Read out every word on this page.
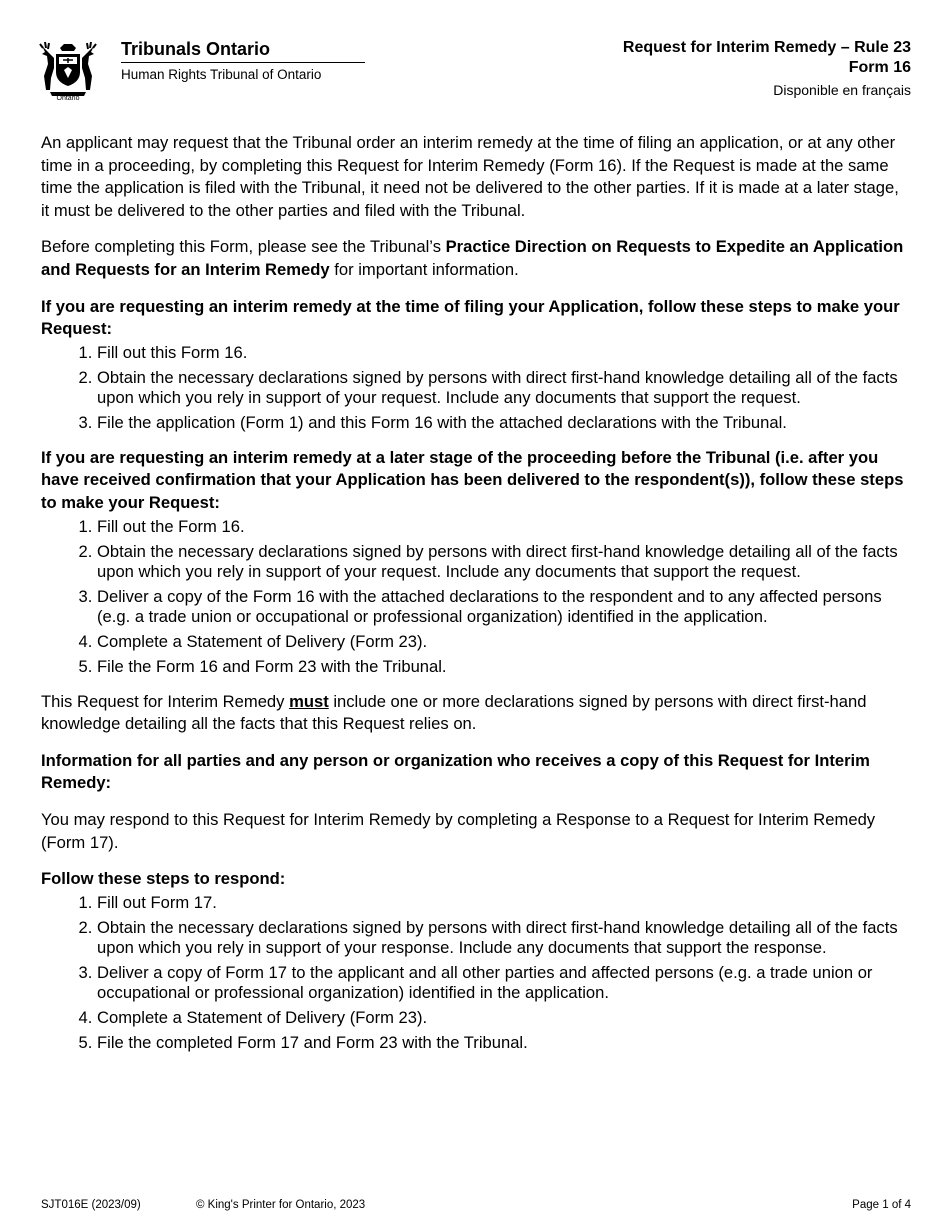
Ontario
Tribunals Ontario
Human Rights Tribunal of Ontario
Request for Interim Remedy – Rule 23
Form 16
Disponible en français

An applicant may request that the Tribunal order an interim remedy at the time of filing an application, or at any other time in a proceeding, by completing this Request for Interim Remedy (Form 16). If the Request is made at the same time the application is filed with the Tribunal, it need not be delivered to the other parties. If it is made at a later stage, it must be delivered to the other parties and filed with the Tribunal.

Before completing this Form, please see the Tribunal’s Practice Direction on Requests to Expedite an Application and Requests for an Interim Remedy for important information.

If you are requesting an interim remedy at the time of filing your Application, follow these steps to make your Request:

1. Fill out this Form 16.
2. Obtain the necessary declarations signed by persons with direct first-hand knowledge detailing all of the facts upon which you rely in support of your request. Include any documents that support the request.
3. File the application (Form 1) and this Form 16 with the attached declarations with the Tribunal.

If you are requesting an interim remedy at a later stage of the proceeding before the Tribunal (i.e. after you have received confirmation that your Application has been delivered to the respondent(s)), follow these steps to make your Request:

1. Fill out the Form 16.
2. Obtain the necessary declarations signed by persons with direct first-hand knowledge detailing all of the facts upon which you rely in support of your request. Include any documents that support the request.
3. Deliver a copy of the Form 16 with the attached declarations to the respondent and to any affected persons (e.g. a trade union or occupational or professional organization) identified in the application.
4. Complete a Statement of Delivery (Form 23).
5. File the Form 16 and Form 23 with the Tribunal.

This Request for Interim Remedy must include one or more declarations signed by persons with direct first-hand knowledge detailing all the facts that this Request relies on.

Information for all parties and any person or organization who receives a copy of this Request for Interim Remedy:

You may respond to this Request for Interim Remedy by completing a Response to a Request for Interim Remedy (Form 17).

Follow these steps to respond:

1. Fill out Form 17.
2. Obtain the necessary declarations signed by persons with direct first-hand knowledge detailing all of the facts upon which you rely in support of your response. Include any documents that support the response.
3. Deliver a copy of Form 17 to the applicant and all other parties and affected persons (e.g. a trade union or occupational or professional organization) identified in the application.
4. Complete a Statement of Delivery (Form 23).
5. File the completed Form 17 and Form 23 with the Tribunal.
SJT016E (2023/09)	© King's Printer for Ontario, 2023	Page 1 of 4
